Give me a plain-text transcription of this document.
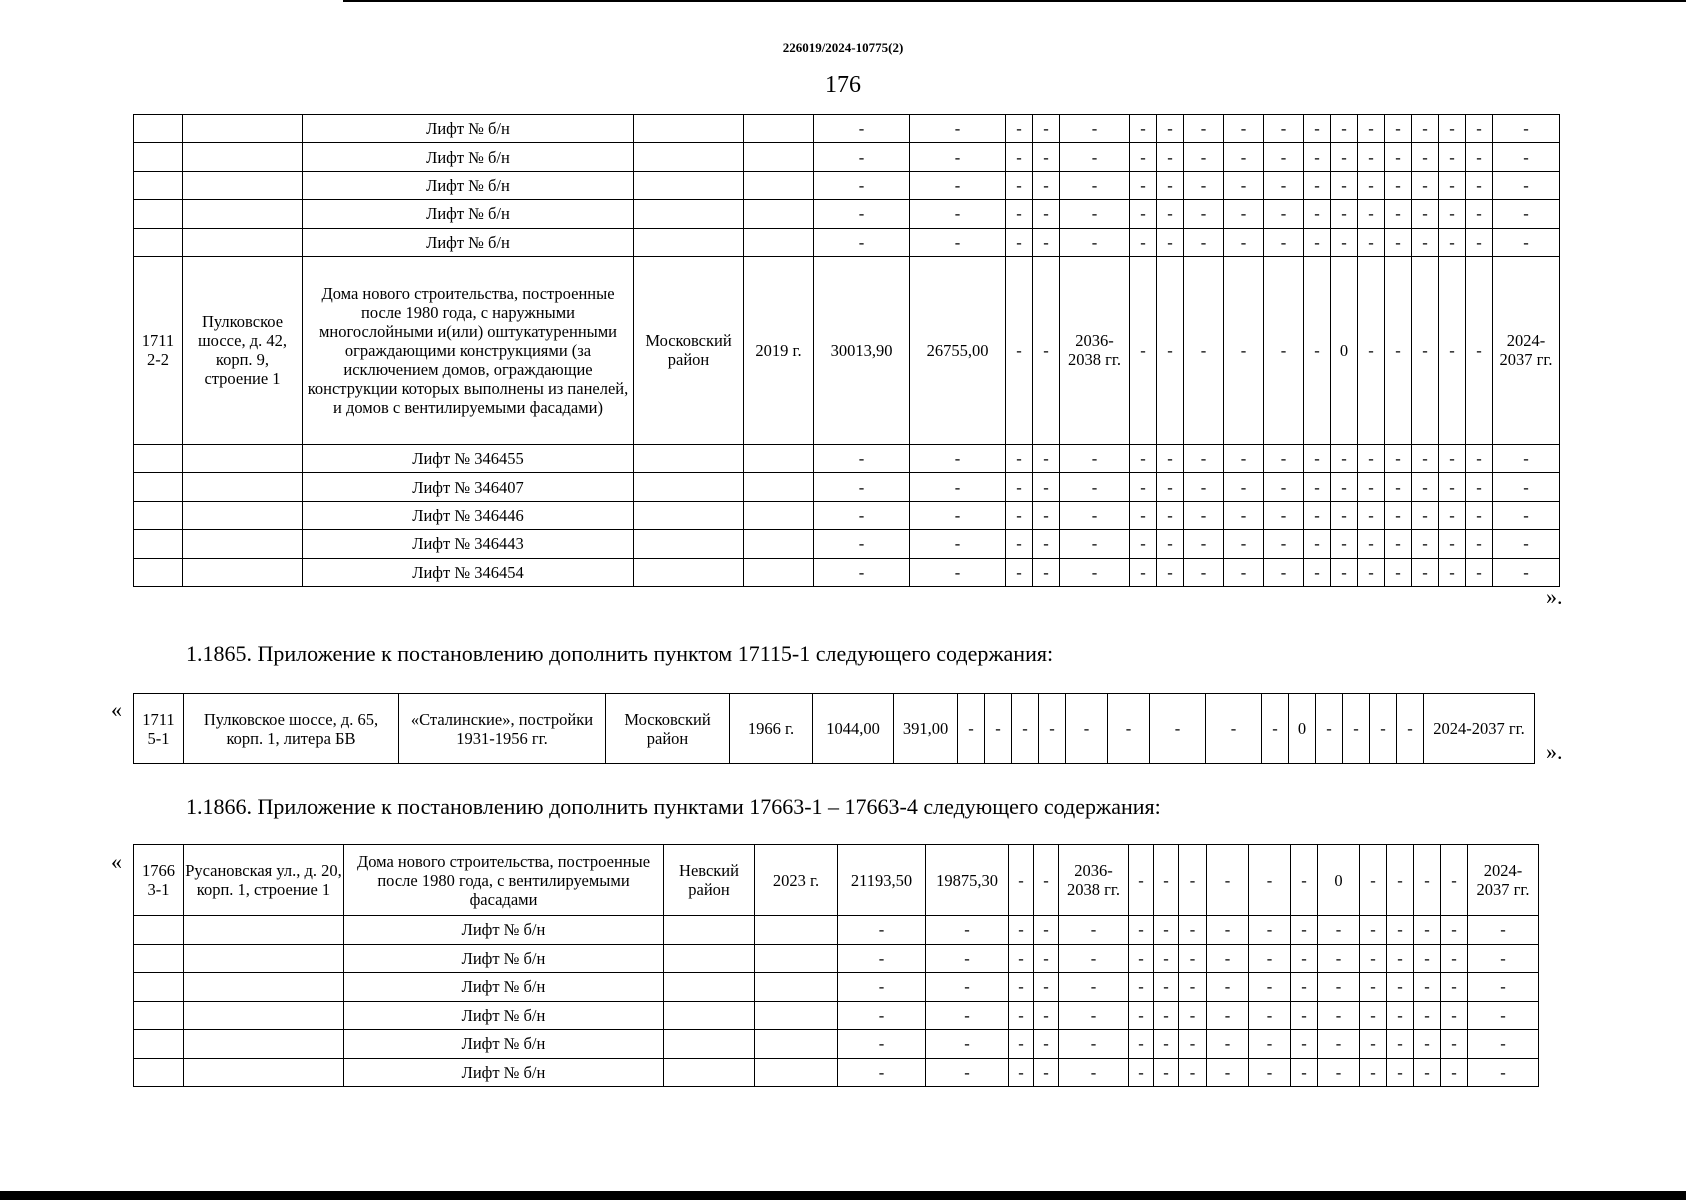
226019/2024-10775(2)
176
		Лифт № б/н			-	-	-	-	-	-	-	-	-	-	-	-	-	-	-	-	-	-
		Лифт № б/н			-	-	-	-	-	-	-	-	-	-	-	-	-	-	-	-	-	-
		Лифт № б/н			-	-	-	-	-	-	-	-	-	-	-	-	-	-	-	-	-	-
		Лифт № б/н			-	-	-	-	-	-	-	-	-	-	-	-	-	-	-	-	-	-
		Лифт № б/н			-	-	-	-	-	-	-	-	-	-	-	-	-	-	-	-	-	-
1711 2-2	Пулковское шоссе, д. 42, корп. 9, строение 1	Дома нового строительства, построенные после 1980 года, с наружными многослойными и(или) оштукатуренными ограждающими конструкциями (за исключением домов, ограждающие конструкции которых выполнены из панелей, и домов с вентилируемыми фасадами)	Московский район	2019 г.	30013,90	26755,00	-	-	2036-2038 гг.	-	-	-	-	-	-	0	-	-	-	-	-	2024-2037 гг.
		Лифт № 346455			-	-	-	-	-	-	-	-	-	-	-	-	-	-	-	-	-	-
		Лифт № 346407			-	-	-	-	-	-	-	-	-	-	-	-	-	-	-	-	-	-
		Лифт № 346446			-	-	-	-	-	-	-	-	-	-	-	-	-	-	-	-	-	-
		Лифт № 346443			-	-	-	-	-	-	-	-	-	-	-	-	-	-	-	-	-	-
		Лифт № 346454			-	-	-	-	-	-	-	-	-	-	-	-	-	-	-	-	-	-
».
1.1865. Приложение к постановлению дополнить пунктом 17115-1 следующего содержания:
« 1711 5-1	Пулковское шоссе, д. 65, корп. 1, литера БВ	«Сталинские», постройки 1931-1956 гг.	Московский район	1966 г.	1044,00	391,00	-	-	-	-	-	-	-	-	-	0	-	-	-	-	2024-2037 гг.
».
1.1866. Приложение к постановлению дополнить пунктами 17663-1 – 17663-4 следующего содержания:
« 1766 3-1	Русановская ул., д. 20, корп. 1, строение 1	Дома нового строительства, построенные после 1980 года, с вентилируемыми фасадами	Невский район	2023 г.	21193,50	19875,30	-	-	2036-2038 гг.	-	-	-	-	-	-	0	-	-	-	-	2024-2037 гг.
		Лифт № б/н			-	-	-	-	-	-	-	-	-	-	-	-	-	-	-	-	-
		Лифт № б/н			-	-	-	-	-	-	-	-	-	-	-	-	-	-	-	-	-
		Лифт № б/н			-	-	-	-	-	-	-	-	-	-	-	-	-	-	-	-	-
		Лифт № б/н			-	-	-	-	-	-	-	-	-	-	-	-	-	-	-	-	-
		Лифт № б/н			-	-	-	-	-	-	-	-	-	-	-	-	-	-	-	-	-
		Лифт № б/н			-	-	-	-	-	-	-	-	-	-	-	-	-	-	-	-	-
